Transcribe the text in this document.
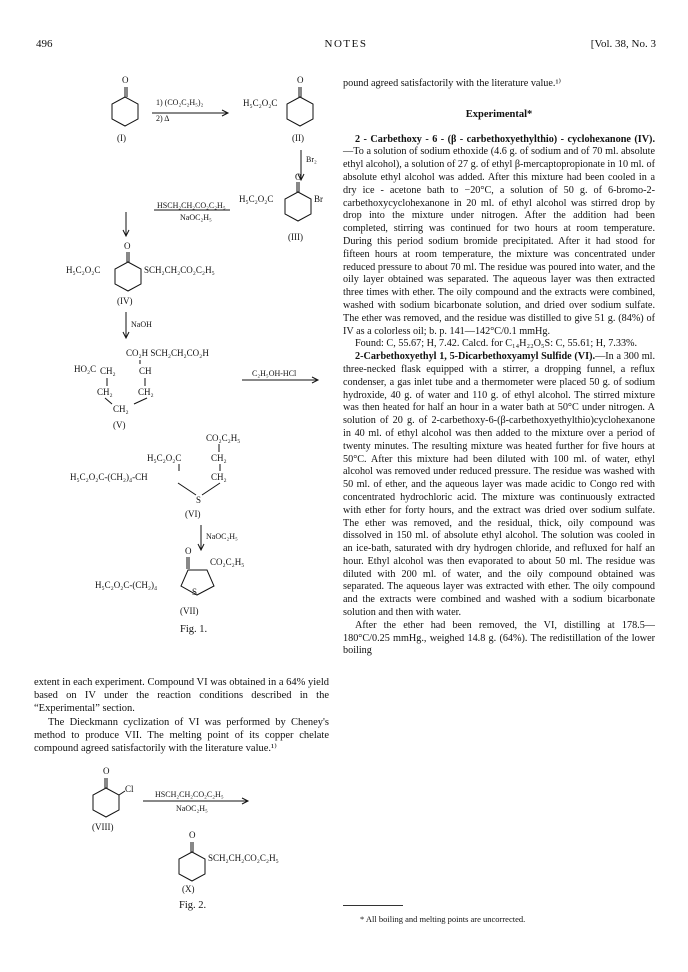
496	NOTES	[Vol. 38, No. 3
O
1) (CO₂C₂H₅)₂
2) Δ
(I)
O
H₅C₂O₂C
(II)
Br₂
HSCH₂CH₂CO₂C₂H₅
NaOC₂H₅
O
H₅C₂O₂C	Br
(III)
O
H₅C₂O₂C	SCH₂CH₂CO₂C₂H₅
(IV)
NaOH
CO₂H SCH₂CH₂CO₂H
HO₂C CH₂	CH
CH₂	CH₂
CH₂
(V)
C₂H₅OH-HCl
CO₂C₂H₅
H₅C₂O₂C	CH₂
H₅C₂O₂C-(CH₂)₄-CH	CH₂
S
(VI)
NaOC₂H₅
O
CO₂C₂H₅
H₅C₂O₂C-(CH₂)₄
S
(VII)
Fig. 1.
O
Cl
HSCH₂CH₂CO₂C₂H₅
NaOC₂H₅
(VIII)
O
SCH₂CH₂CO₂C₂H₅
(X)
Fig. 2.

extent in each experiment. Compound VI was obtained in a 64% yield based on IV under the reaction conditions described in the “Experimental” section.

The Dieckmann cyclization of VI was performed by Cheney's method to produce VII. The melting point of its copper chelate compound agreed satisfactorily with the literature value.¹⁾

pound agreed satisfactorily with the literature value.¹⁾

Experimental*

2 - Carbethoxy - 6 - (β - carbethoxyethylthio) - cyclohexanone (IV).—To a solution of sodium ethoxide (4.6 g. of sodium and of 70 ml. absolute ethyl alcohol), a solution of 27 g. of ethyl β-mercaptopropionate in 10 ml. of absolute ethyl alcohol was added. After this mixture had been cooled in a dry ice - acetone bath to −20°C, a solution of 50 g. of 6-bromo-2-carbethoxycyclohexanone in 20 ml. of ethyl alcohol was stirred drop by drop into the mixture under nitrogen. After the addition had been completed, stirring was continued for two hours at room temperature. During this period sodium bromide precipitated. After it had stood for fifteen hours at room temperature, the mixture was concentrated under reduced pressure to about 70 ml. The residue was poured into water, and the oily layer obtained was separated. The aqueous layer was then extracted three times with ether. The oily compound and the extracts were combined, washed with sodium bicarbonate solution, and dried over sodium sulfate. The ether was removed, and the residue was distilled to give 51 g. (84%) of IV as a colorless oil; b. p. 141—142°C/0.1 mmHg.

Found: C, 55.67; H, 7.42. Calcd. for C₁₄H₂₂O₅S: C, 55.61; H, 7.33%.

2-Carbethoxyethyl 1, 5-Dicarbethoxyamyl Sulfide (VI).—In a 300 ml. three-necked flask equipped with a stirrer, a dropping funnel, a reflux condenser, a gas inlet tube and a thermometer were placed 50 g. of sodium hydroxide, 40 g. of water and 110 g. of ethyl alcohol. The stirred mixture was then heated for half an hour in a water bath at 50°C under nitrogen. A solution of 20 g. of 2-carbethoxy-6-(β-carbethoxyethylthio)cyclohexanone in 40 ml. of ethyl alcohol was then added to the mixture over a period of twenty minutes. The resulting mixture was heated further for five hours at 50°C. After this mixture had been diluted with 100 ml. of water, ethyl alcohol was removed under reduced pressure. The residue was washed with 50 ml. of ether, and the aqueous layer was made acidic to Congo red with concentrated hydrochloric acid. The mixture was continuously extracted with ether for forty hours, and the extract was dried over sodium sulfate. The ether was removed, and the residual, thick, oily compound was dissolved in 150 ml. of absolute ethyl alcohol. The solution was cooled in an ice-bath, saturated with dry hydrogen chloride, and refluxed for half an hour. Ethyl alcohol was then evaporated to about 50 ml. The residue was diluted with 200 ml. of water, and the oily compound obtained was separated. The aqueous layer was extracted with ether. The oily compound and the extracts were combined and washed with a sodium bicarbonate solution and then with water.

After the ether had been removed, the VI, distilling at 178.5—180°C/0.25 mmHg., weighed 14.8 g. (64%). The redistillation of the lower boiling

* All boiling and melting points are uncorrected.
